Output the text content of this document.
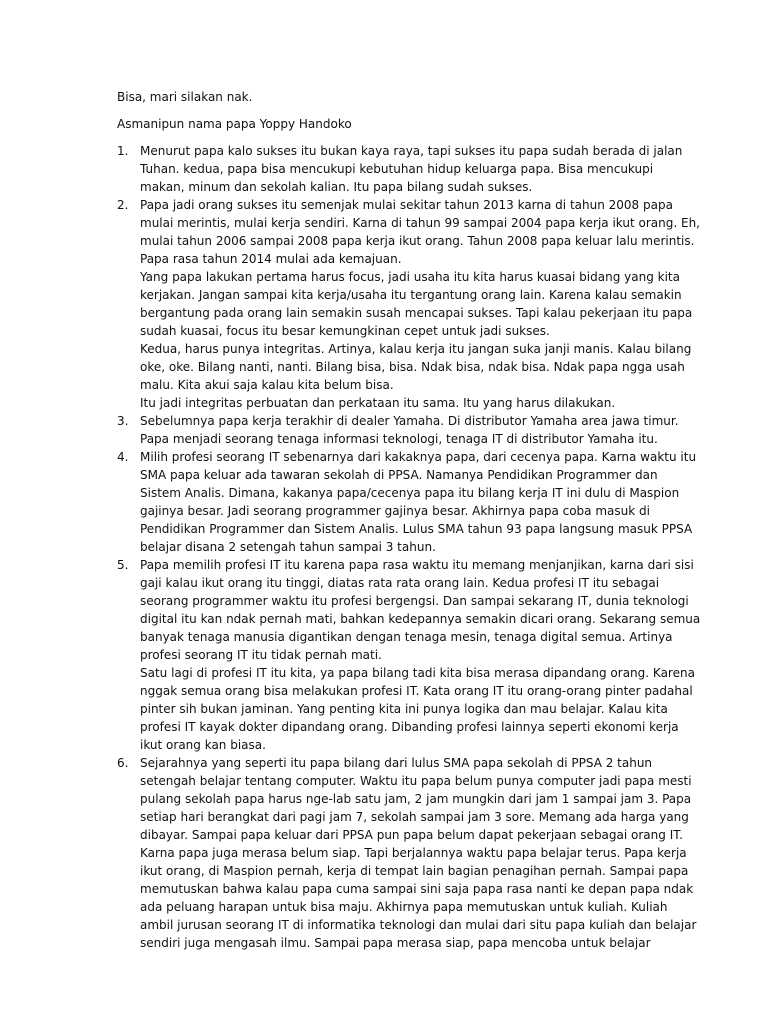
Bisa, mari silakan nak.

Asmanipun nama papa Yoppy Handoko

1. Menurut papa kalo sukses itu bukan kaya raya, tapi sukses itu papa sudah berada di jalan
Tuhan. kedua, papa bisa mencukupi kebutuhan hidup keluarga papa. Bisa mencukupi
makan, minum dan sekolah kalian. Itu papa bilang sudah sukses.
2. Papa jadi orang sukses itu semenjak mulai sekitar tahun 2013 karna di tahun 2008 papa
mulai merintis, mulai kerja sendiri. Karna di tahun 99 sampai 2004 papa kerja ikut orang. Eh,
mulai tahun 2006 sampai 2008 papa kerja ikut orang. Tahun 2008 papa keluar lalu merintis.
Papa rasa tahun 2014 mulai ada kemajuan.
Yang papa lakukan pertama harus focus, jadi usaha itu kita harus kuasai bidang yang kita
kerjakan. Jangan sampai kita kerja/usaha itu tergantung orang lain. Karena kalau semakin
bergantung pada orang lain semakin susah mencapai sukses. Tapi kalau pekerjaan itu papa
sudah kuasai, focus itu besar kemungkinan cepet untuk jadi sukses.
Kedua, harus punya integritas. Artinya, kalau kerja itu jangan suka janji manis. Kalau bilang
oke, oke. Bilang nanti, nanti. Bilang bisa, bisa. Ndak bisa, ndak bisa. Ndak papa ngga usah
malu. Kita akui saja kalau kita belum bisa.
Itu jadi integritas perbuatan dan perkataan itu sama. Itu yang harus dilakukan.
3. Sebelumnya papa kerja terakhir di dealer Yamaha. Di distributor Yamaha area jawa timur.
Papa menjadi seorang tenaga informasi teknologi, tenaga IT di distributor Yamaha itu.
4. Milih profesi seorang IT sebenarnya dari kakaknya papa, dari cecenya papa. Karna waktu itu
SMA papa keluar ada tawaran sekolah di PPSA. Namanya Pendidikan Programmer dan
Sistem Analis. Dimana, kakanya papa/cecenya papa itu bilang kerja IT ini dulu di Maspion
gajinya besar. Jadi seorang programmer gajinya besar. Akhirnya papa coba masuk di
Pendidikan Programmer dan Sistem Analis. Lulus SMA tahun 93 papa langsung masuk PPSA
belajar disana 2 setengah tahun sampai 3 tahun.
5. Papa memilih profesi IT itu karena papa rasa waktu itu memang menjanjikan, karna dari sisi
gaji kalau ikut orang itu tinggi, diatas rata rata orang lain. Kedua profesi IT itu sebagai
seorang programmer waktu itu profesi bergengsi. Dan sampai sekarang IT, dunia teknologi
digital itu kan ndak pernah mati, bahkan kedepannya semakin dicari orang. Sekarang semua
banyak tenaga manusia digantikan dengan tenaga mesin, tenaga digital semua. Artinya
profesi seorang IT itu tidak pernah mati.
Satu lagi di profesi IT itu kita, ya papa bilang tadi kita bisa merasa dipandang orang. Karena
nggak semua orang bisa melakukan profesi IT. Kata orang IT itu orang-orang pinter padahal
pinter sih bukan jaminan. Yang penting kita ini punya logika dan mau belajar. Kalau kita
profesi IT kayak dokter dipandang orang. Dibanding profesi lainnya seperti ekonomi kerja
ikut orang kan biasa.
6. Sejarahnya yang seperti itu papa bilang dari lulus SMA papa sekolah di PPSA 2 tahun
setengah belajar tentang computer. Waktu itu papa belum punya computer jadi papa mesti
pulang sekolah papa harus nge-lab satu jam, 2 jam mungkin dari jam 1 sampai jam 3. Papa
setiap hari berangkat dari pagi jam 7, sekolah sampai jam 3 sore. Memang ada harga yang
dibayar. Sampai papa keluar dari PPSA pun papa belum dapat pekerjaan sebagai orang IT.
Karna papa juga merasa belum siap. Tapi berjalannya waktu papa belajar terus. Papa kerja
ikut orang, di Maspion pernah, kerja di tempat lain bagian penagihan pernah. Sampai papa
memutuskan bahwa kalau papa cuma sampai sini saja papa rasa nanti ke depan papa ndak
ada peluang harapan untuk bisa maju. Akhirnya papa memutuskan untuk kuliah. Kuliah
ambil jurusan seorang IT di informatika teknologi dan mulai dari situ papa kuliah dan belajar
sendiri juga mengasah ilmu. Sampai papa merasa siap, papa mencoba untuk belajar
